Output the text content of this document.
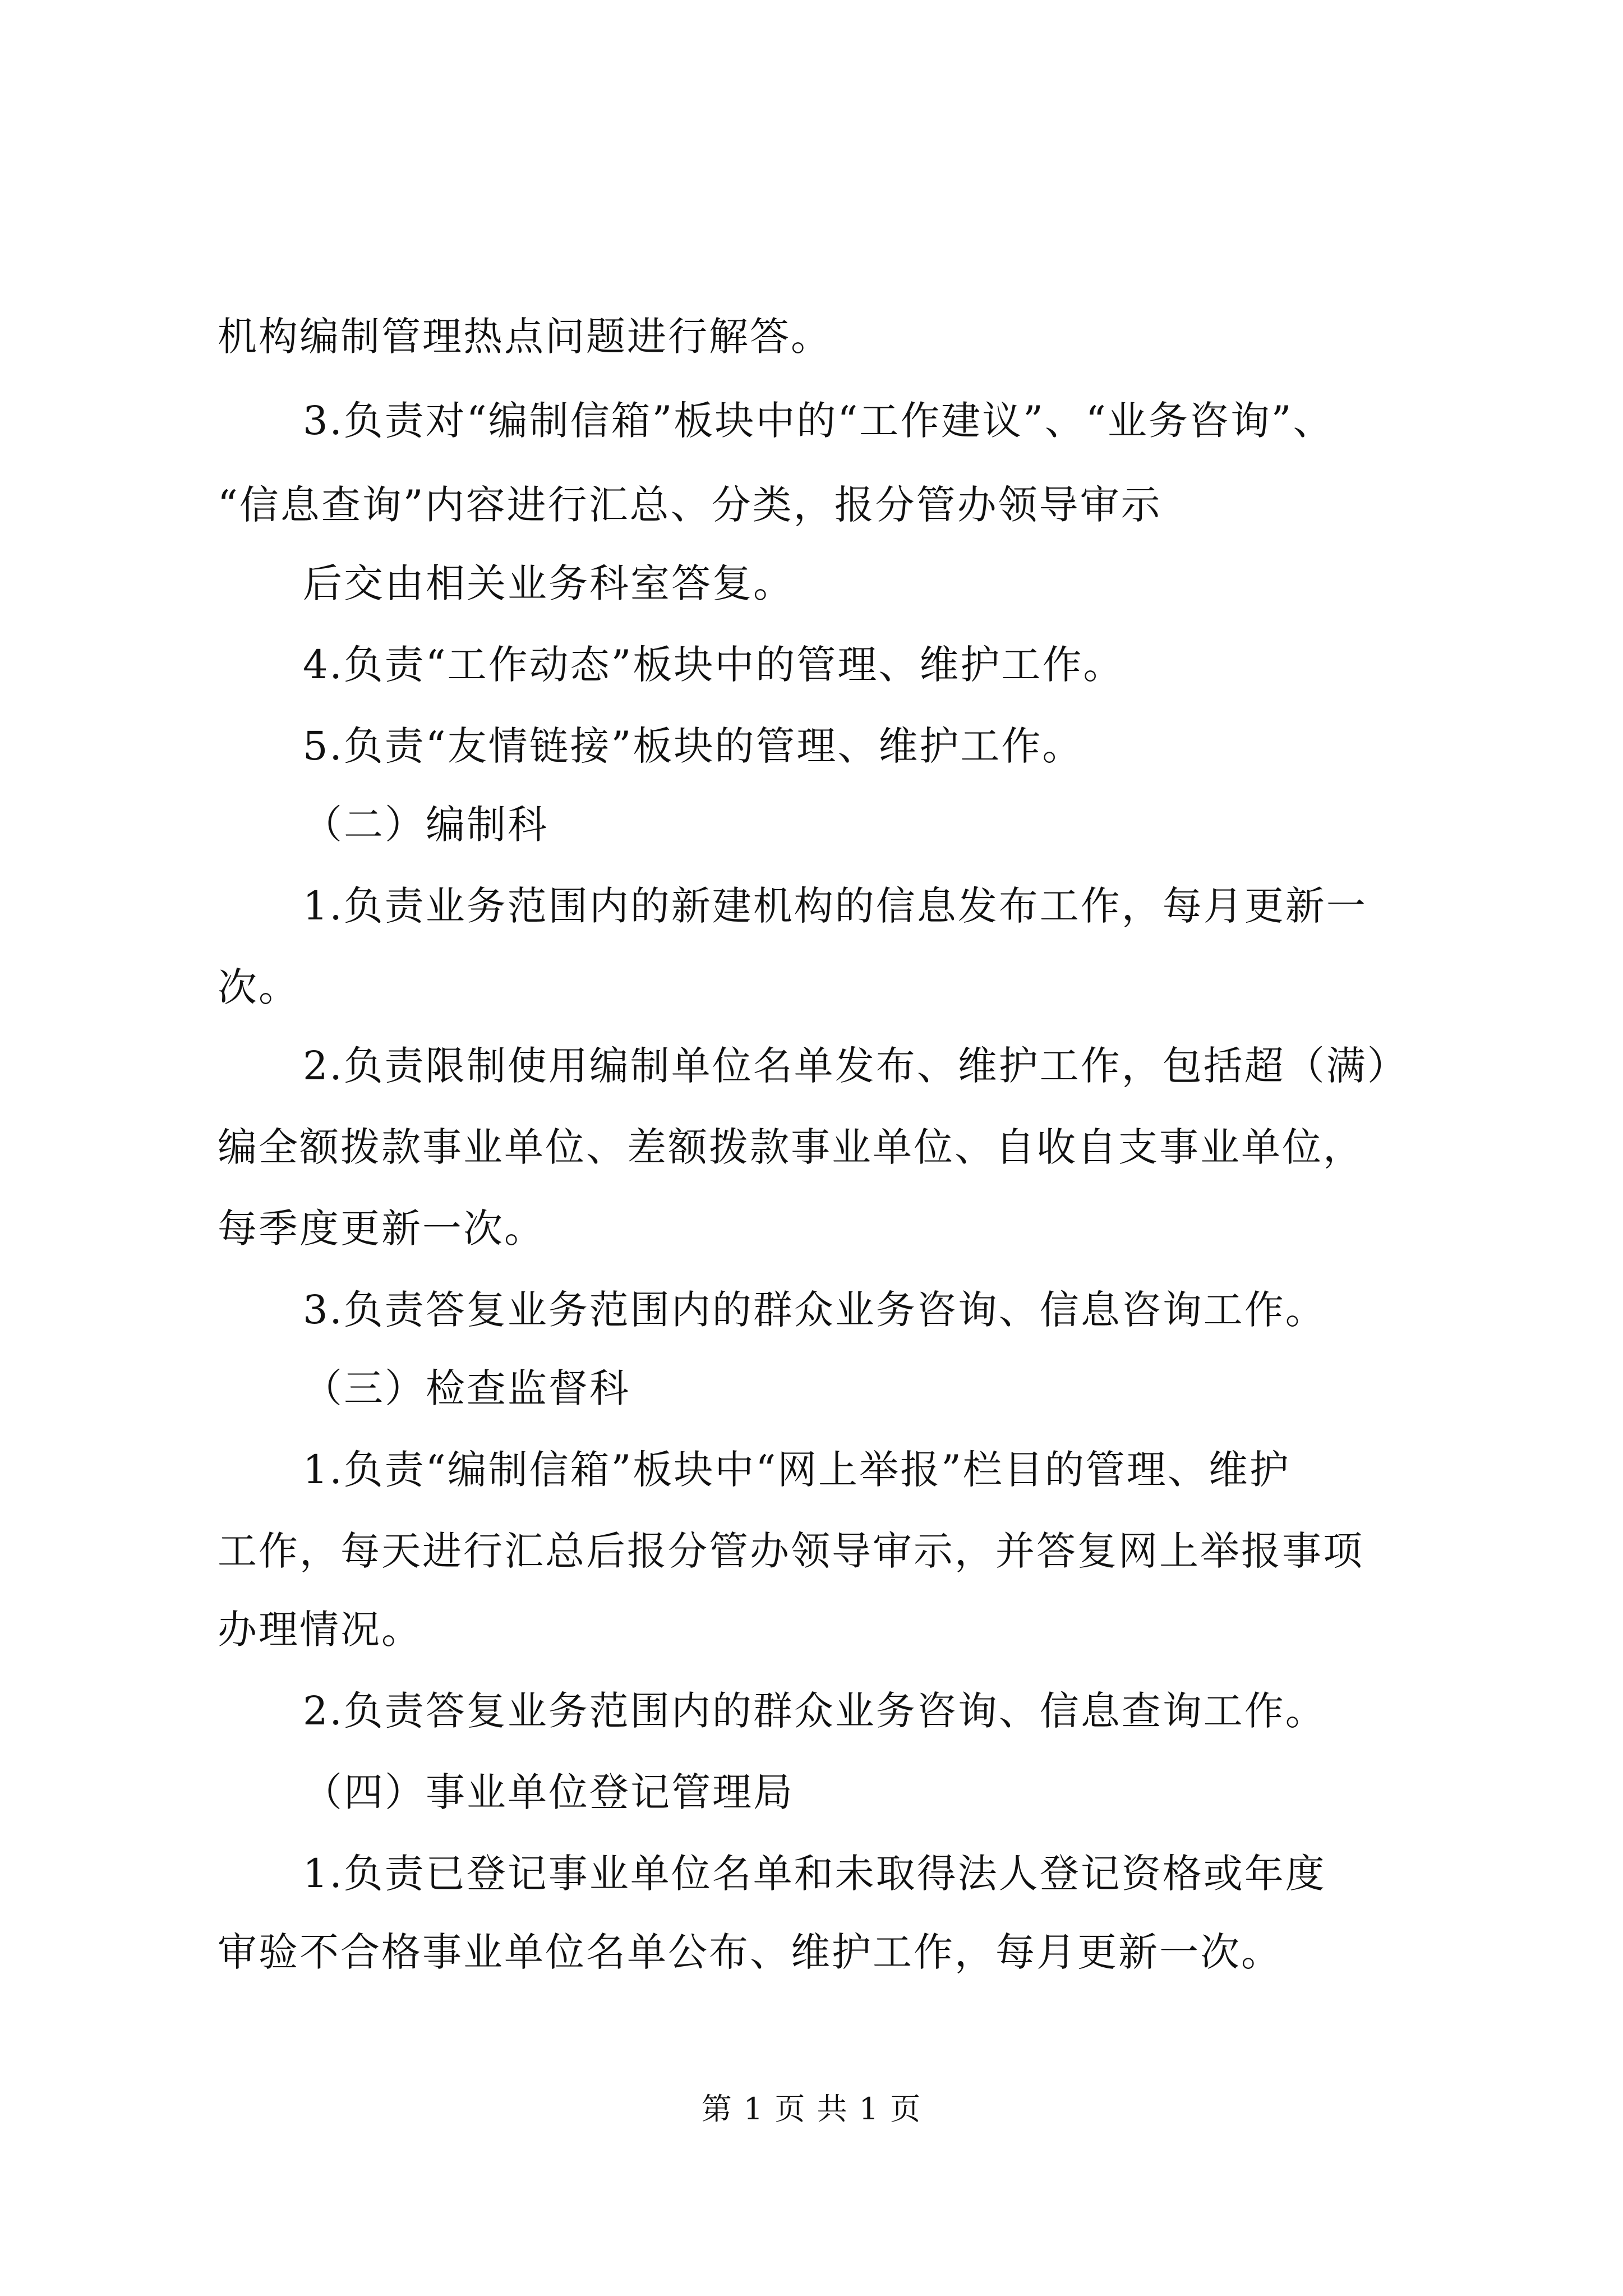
机构编制管理热点问题进行解答。
3.负责对“编制信箱”板块中的“工作建议”、“业务咨询”、
“信息查询”内容进行汇总、分类，报分管办领导审示
后交由相关业务科室答复。
4.负责“工作动态”板块中的管理、维护工作。
5.负责“友情链接”板块的管理、维护工作。
（二）编制科
1.负责业务范围内的新建机构的信息发布工作，每月更新一
次。
2.负责限制使用编制单位名单发布、维护工作，包括超（满）
编全额拨款事业单位、差额拨款事业单位、自收自支事业单位，
每季度更新一次。
3.负责答复业务范围内的群众业务咨询、信息咨询工作。
（三）检查监督科
1.负责“编制信箱”板块中“网上举报”栏目的管理、维护
工作，每天进行汇总后报分管办领导审示，并答复网上举报事项
办理情况。
2.负责答复业务范围内的群众业务咨询、信息查询工作。
（四）事业单位登记管理局
1.负责已登记事业单位名单和未取得法人登记资格或年度
审验不合格事业单位名单公布、维护工作，每月更新一次。
第 1 页 共 1 页
